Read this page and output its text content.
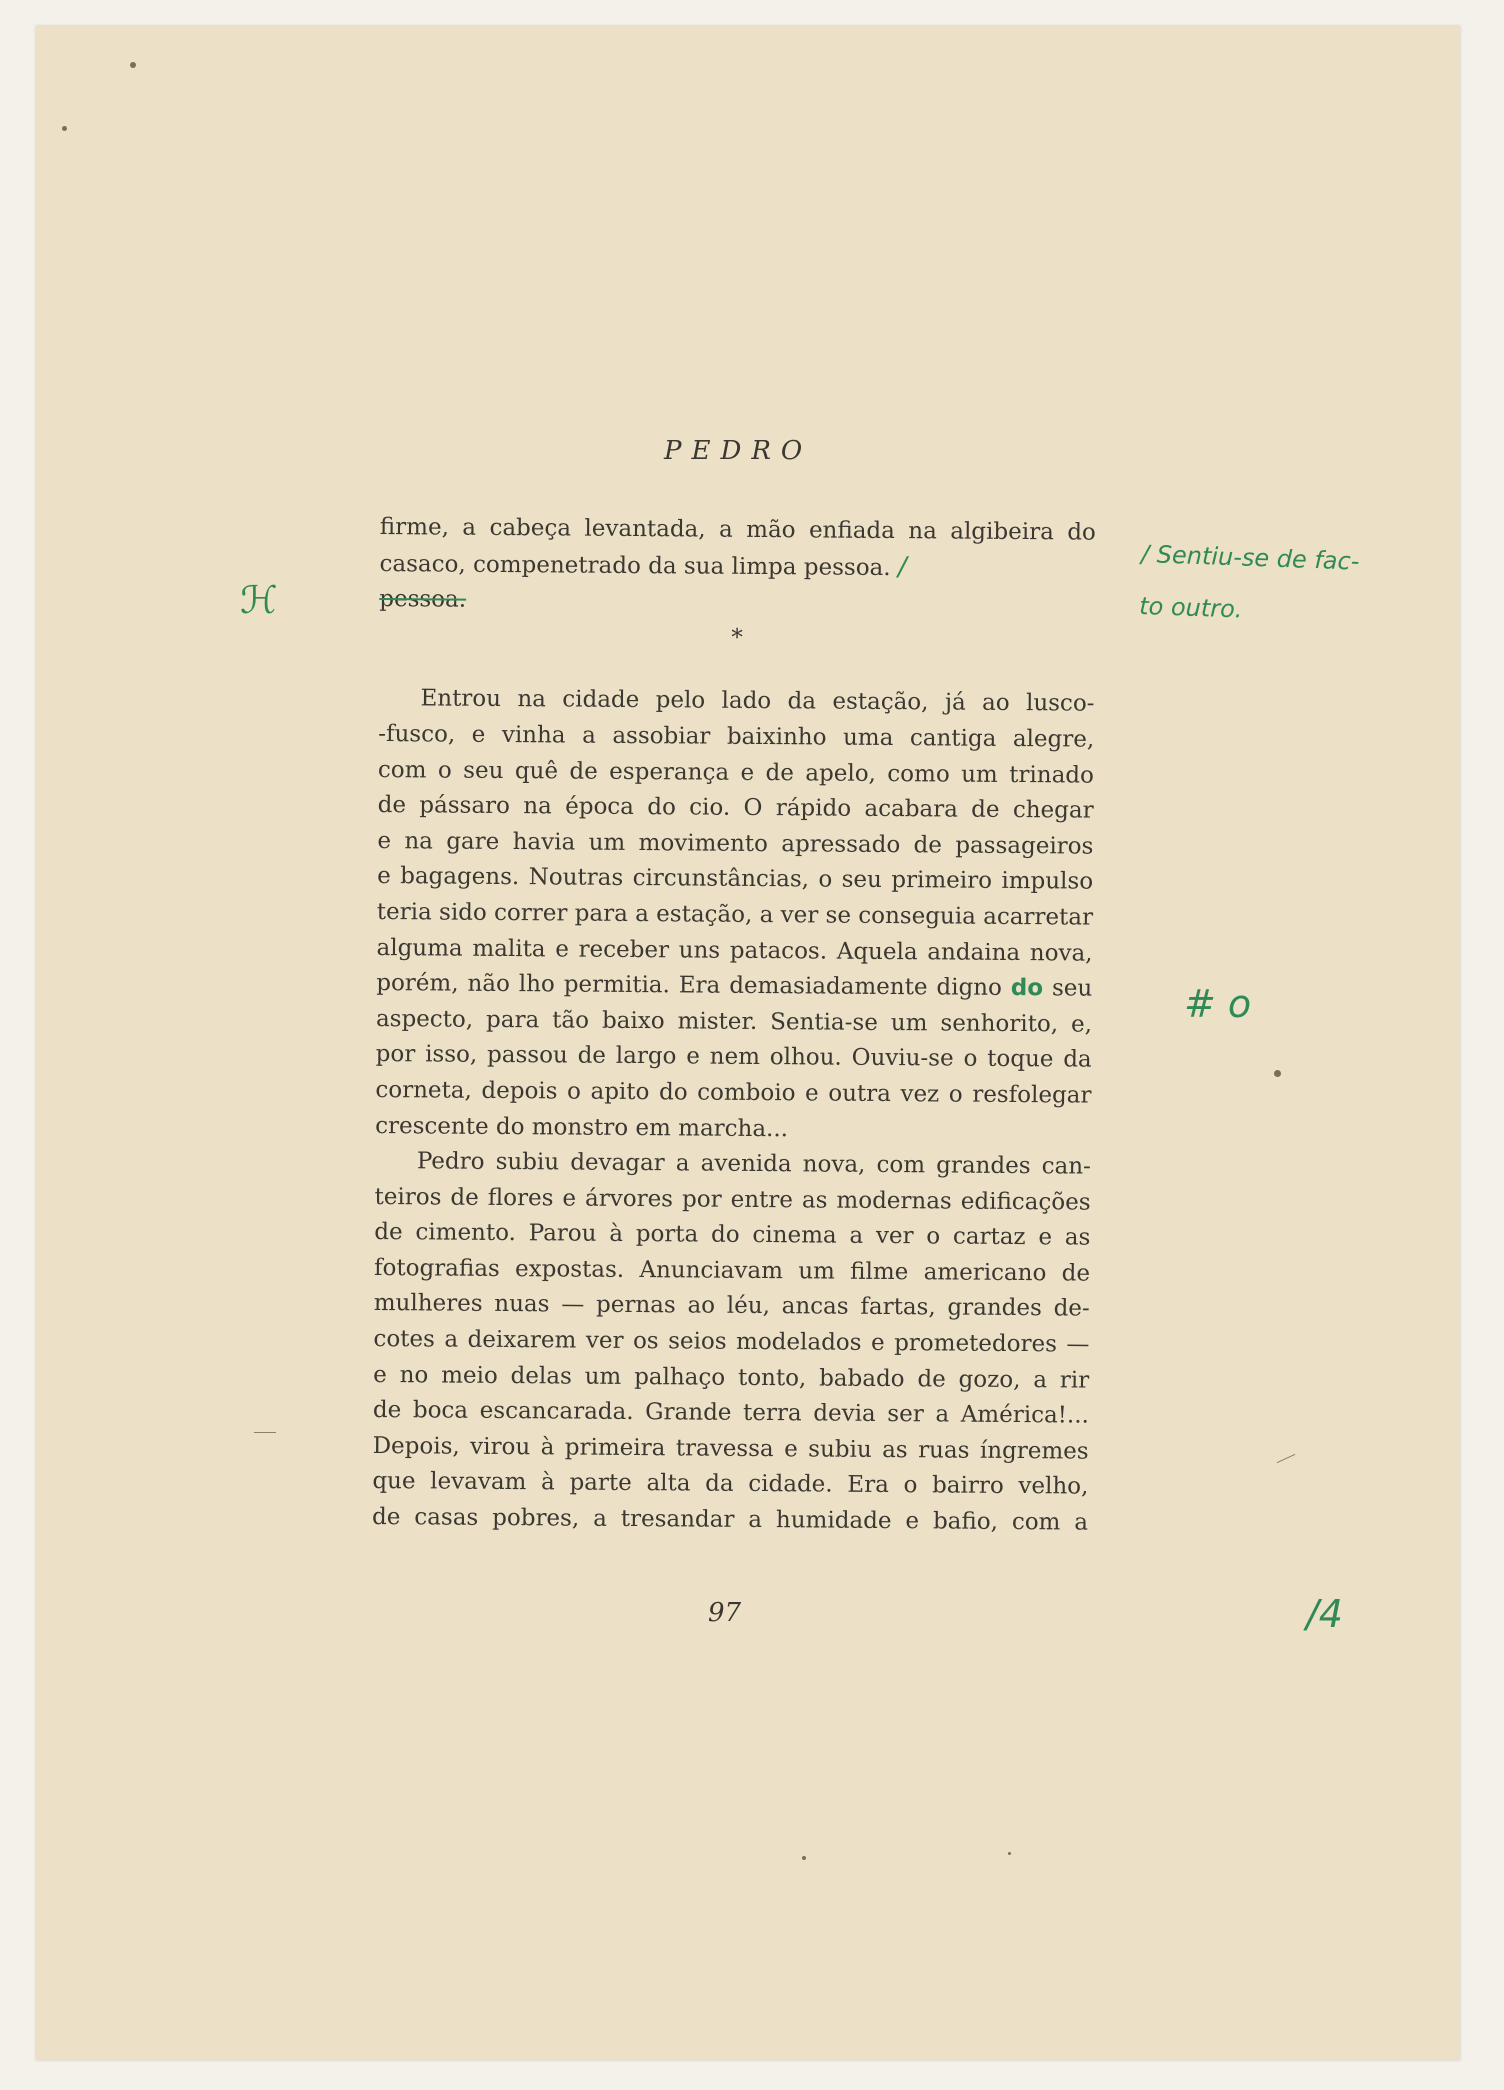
PEDRO
firme, a cabeça levantada, a mão enfiada na algibeira do
casaco, compenetrado da sua limpa pessoa. /
pessoa.
*
Entrou na cidade pelo lado da estação, já ao lusco-
-fusco, e vinha a assobiar baixinho uma cantiga alegre,
com o seu quê de esperança e de apelo, como um trinado
de pássaro na época do cio. O rápido acabara de chegar
e na gare havia um movimento apressado de passageiros
e bagagens. Noutras circunstâncias, o seu primeiro impulso
teria sido correr para a estação, a ver se conseguia acarretar
alguma malita e receber uns patacos. Aquela andaina nova,
porém, não lho permitia. Era demasiadamente digno do seu
aspecto, para tão baixo mister. Sentia-se um senhorito, e,
por isso, passou de largo e nem olhou. Ouviu-se o toque da
corneta, depois o apito do comboio e outra vez o resfolegar
crescente do monstro em marcha...
Pedro subiu devagar a avenida nova, com grandes can-
teiros de flores e árvores por entre as modernas edificações
de cimento. Parou à porta do cinema a ver o cartaz e as
fotografias expostas. Anunciavam um filme americano de
mulheres nuas — pernas ao léu, ancas fartas, grandes de-
cotes a deixarem ver os seios modelados e prometedores —
e no meio delas um palhaço tonto, babado de gozo, a rir
de boca escancarada. Grande terra devia ser a América!...
Depois, virou à primeira travessa e subiu as ruas íngremes
que levavam à parte alta da cidade. Era o bairro velho,
de casas pobres, a tresandar a humidade e bafio, com a
97
/ Sentiu-se de fac-
to outro.
ℋ
# o
/4
